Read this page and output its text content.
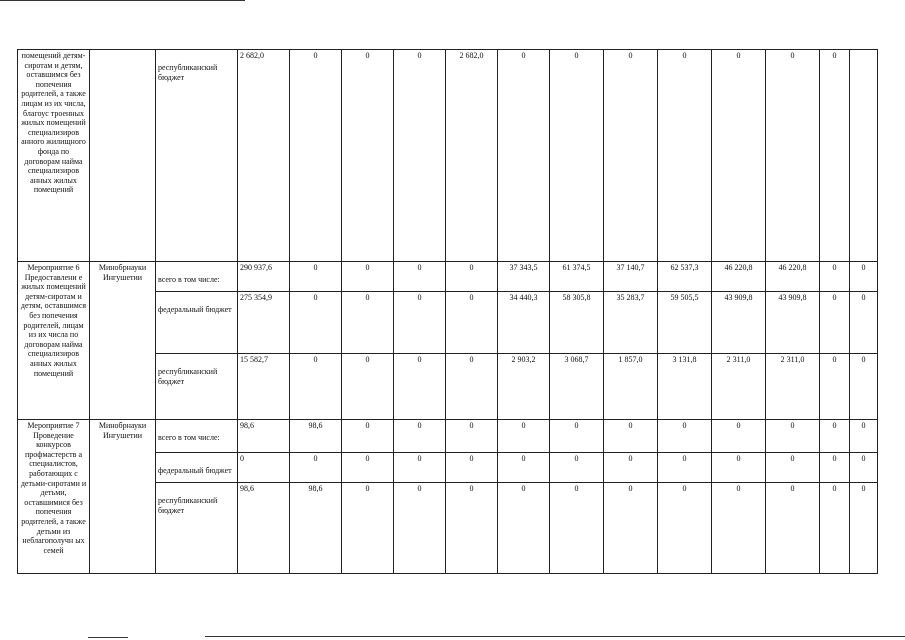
помещений детям-сиротам и детям, оставшимся без попечения родителей, а также лицам из их числа, благоус троенных жилых помещений специализиров анного жилищного фонда по договорам найма специализиров анных жилых помещений		республиканский бюджет	2 682,0	0	0	0	2 682,0	0	0	0	0	0	0	0	
Мероприятие 6 Предоставлени е жилых помещений детям-сиротам и детям, оставшимся без попечения родителей, лицам из их числа по договорам найма специализиров анных жилых помещений	Минобрнауки Ингушетии	всего в том числе:	290 937,6	0	0	0	0	37 343,5	61 374,5	37 140,7	62 537,3	46 220,8	46 220,8	0	0

		федеральный бюджет	275 354,9	0	0	0	0	34 440,3	58 305,8	35 283,7	59 505,5	43 909,8	43 909,8	0	0

		республиканский бюджет	15 582,7	0	0	0	0	2 903,2	3 068,7	1 857,0	3 131,8	2 311,0	2 311,0	0	0
Мероприятие 7 Проведение конкурсов профмастерств а специалистов, работающих с детьми-сиротами и детьми, оставшимися без попечения родителей, а также детьми из неблагополучн ых семей	Минобрнауки Ингушетии	всего в том числе:	98,6	98,6	0	0	0	0	0	0	0	0	0	0	0

		федеральный бюджет	0	0	0	0	0	0	0	0	0	0	0	0	0

		республиканский бюджет	98,6	98,6	0	0	0	0	0	0	0	0	0	0	0
